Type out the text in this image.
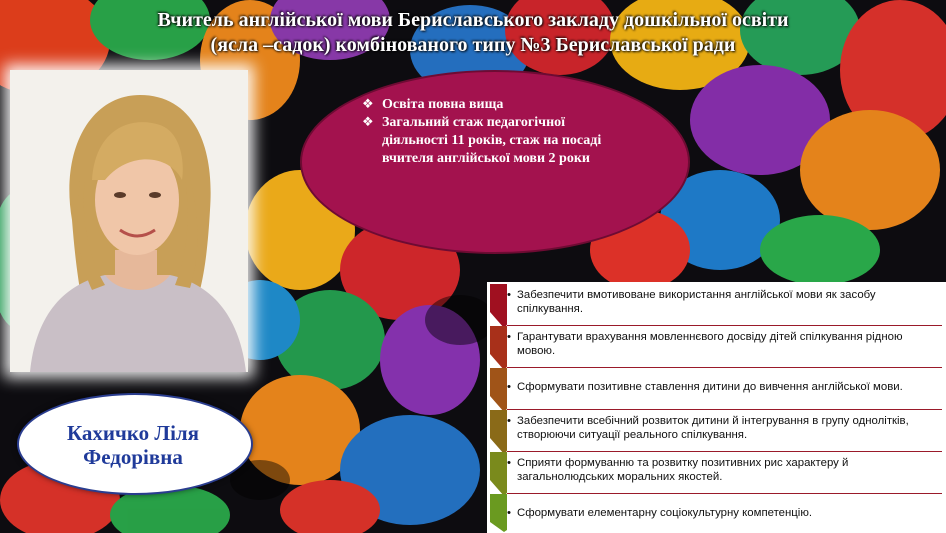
Вчитель англійської мови Бериславського закладу дошкільної освіти
(ясла –садок) комбінованого типу №3 Бериславської ради
❖ Освіта повна вища
❖ Загальний стаж педагогічної діяльності 11 років, стаж на посаді вчителя англійської мови 2 роки
Кахичко Ліля
Федорівна
• Забезпечити вмотивоване використання англійської мови як засобу спілкування.
• Гарантувати врахування мовленнєвого досвіду дітей спілкування рідною мовою.
• Сформувати позитивне ставлення дитини до вивчення англійської мови.
• Забезпечити всебічний розвиток дитини й інтегрування в групу однолітків, створюючи ситуації реального спілкування.
• Сприяти формуванню та розвитку позитивних рис характеру й загальнолюдських моральних якостей.
• Сформувати елементарну соціокультурну компетенцію.
